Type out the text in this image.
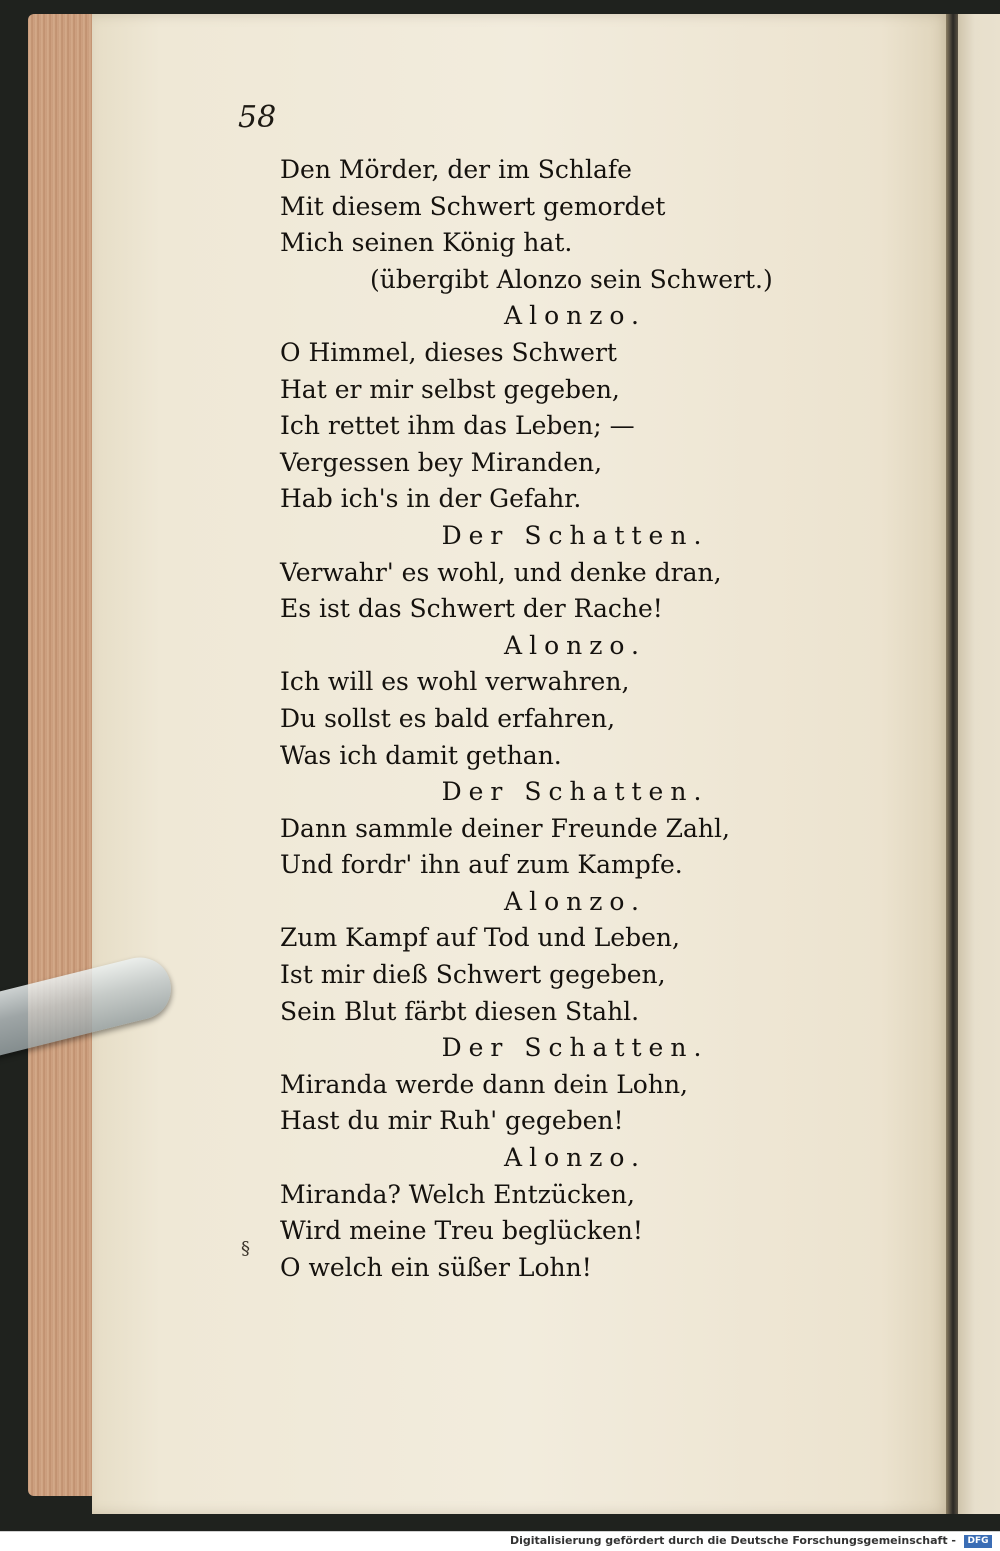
58
Den Mörder, der im Schlafe
Mit diesem Schwert gemordet
Mich seinen König hat.
(übergibt Alonzo sein Schwert.)
Alonzo.
O Himmel, dieses Schwert
Hat er mir selbst gegeben,
Ich rettet ihm das Leben; —
Vergessen bey Miranden,
Hab ich's in der Gefahr.
Der Schatten.
Verwahr' es wohl, und denke dran,
Es ist das Schwert der Rache!
Alonzo.
Ich will es wohl verwahren,
Du sollst es bald erfahren,
Was ich damit gethan.
Der Schatten.
Dann sammle deiner Freunde Zahl,
Und fordr' ihn auf zum Kampfe.
Alonzo.
Zum Kampf auf Tod und Leben,
Ist mir dieß Schwert gegeben,
Sein Blut färbt diesen Stahl.
Der Schatten.
Miranda werde dann dein Lohn,
Hast du mir Ruh' gegeben!
Alonzo.
Miranda? Welch Entzücken,
Wird meine Treu beglücken!
O welch ein süßer Lohn!
§
Digitalisierung gefördert durch die Deutsche Forschungsgemeinschaft -	DFG
